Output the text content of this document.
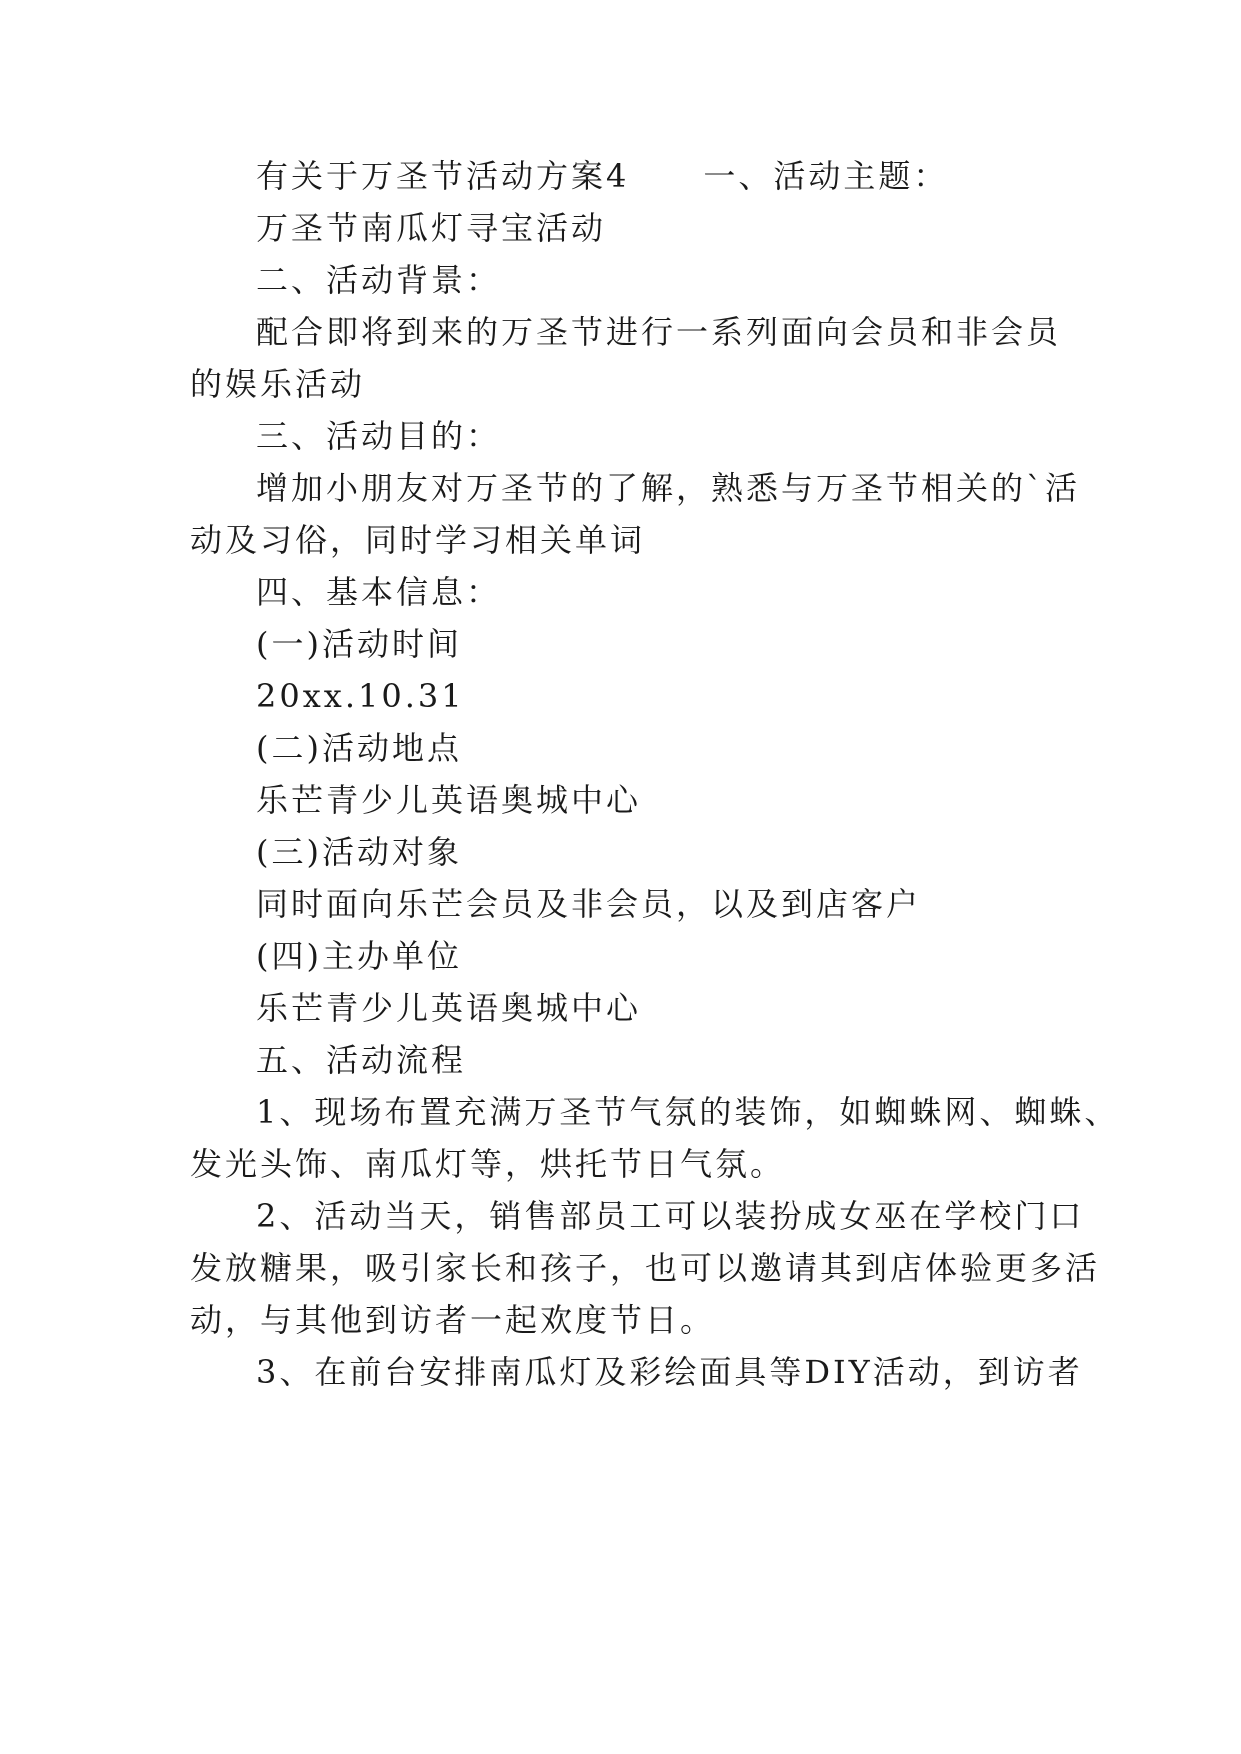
有关于万圣节活动方案4 一、活动主题：
万圣节南瓜灯寻宝活动
二、活动背景：
配合即将到来的万圣节进行一系列面向会员和非会员
的娱乐活动
三、活动目的：
增加小朋友对万圣节的了解，熟悉与万圣节相关的`活
动及习俗，同时学习相关单词
四、基本信息：
(一)活动时间
20xx.10.31
(二)活动地点
乐芒青少儿英语奥城中心
(三)活动对象
同时面向乐芒会员及非会员，以及到店客户
(四)主办单位
乐芒青少儿英语奥城中心
五、活动流程
1、现场布置充满万圣节气氛的装饰，如蜘蛛网、蜘蛛、
发光头饰、南瓜灯等，烘托节日气氛。
2、活动当天，销售部员工可以装扮成女巫在学校门口
发放糖果，吸引家长和孩子，也可以邀请其到店体验更多活
动，与其他到访者一起欢度节日。
3、在前台安排南瓜灯及彩绘面具等DIY活动，到访者
